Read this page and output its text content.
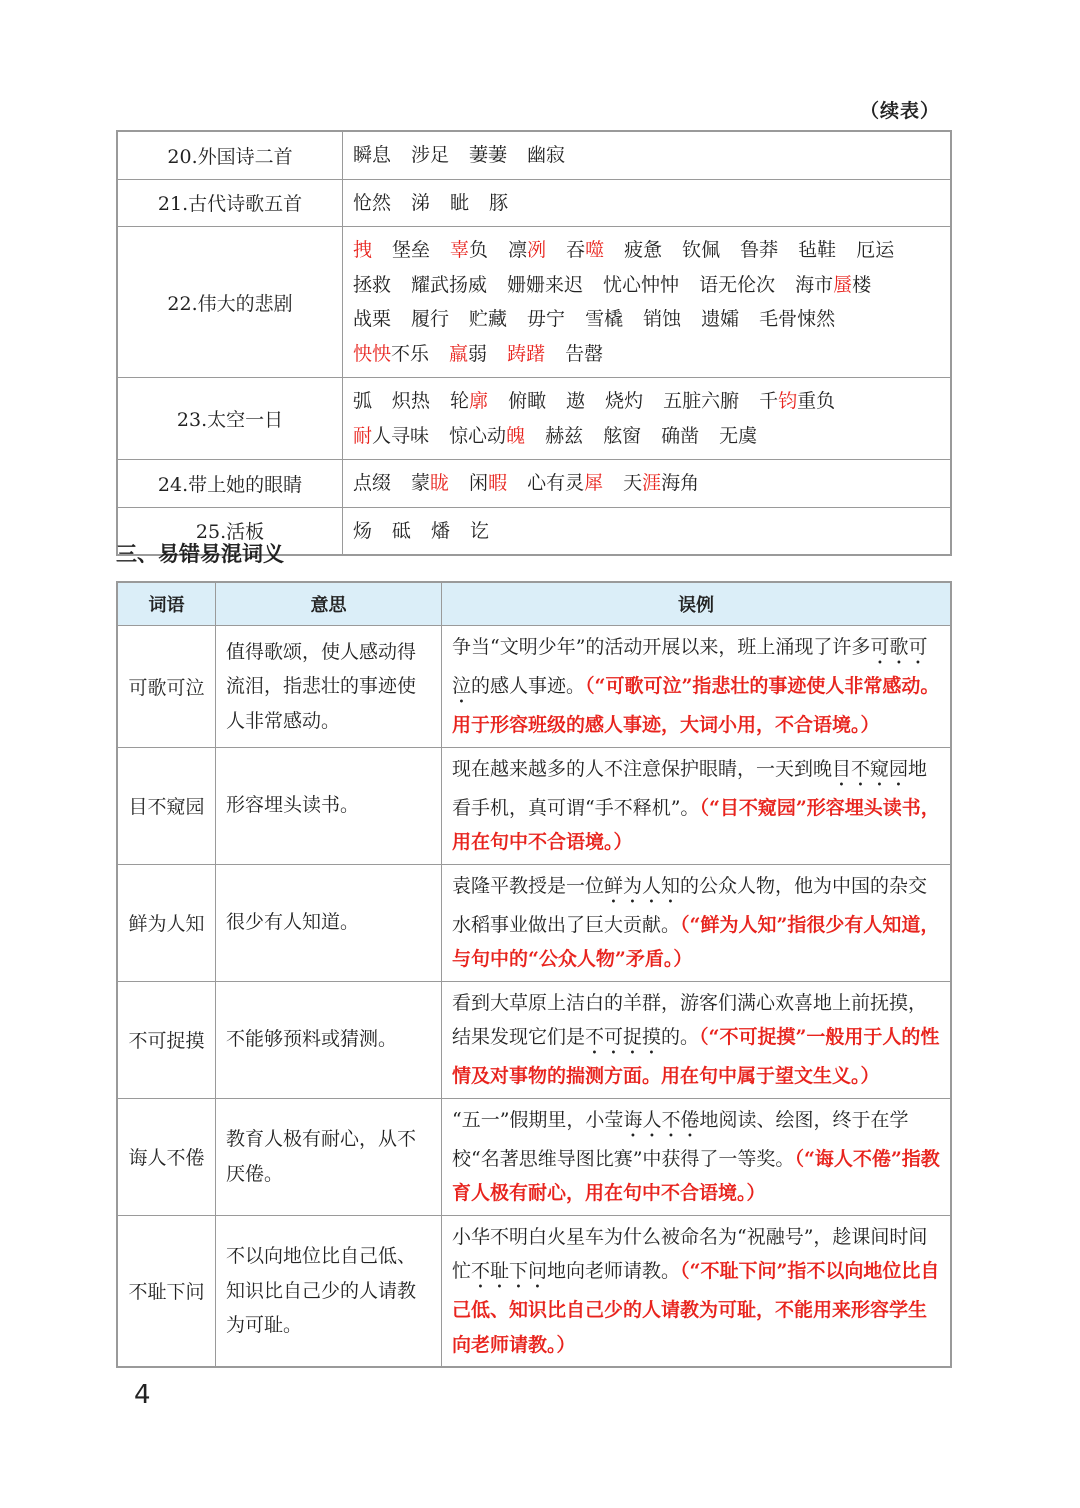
（续表）
20.外国诗二首	瞬息 涉足 萋萋 幽寂

21.古代诗歌五首	怆然 涕 眦 豚

22.伟大的悲剧	拽 堡垒 辜负 凛冽 吞噬 疲惫 钦佩 鲁莽 毡鞋 厄运
拯救 耀武扬威 姗姗来迟 忧心忡忡 语无伦次 海市蜃楼
战栗 履行 贮藏 毋宁 雪橇 销蚀 遗孀 毛骨悚然
怏怏不乐 羸弱 踌躇 告罄

23.太空一日	弧 炽热 轮廓 俯瞰 遨 烧灼 五脏六腑 千钧重负
耐人寻味 惊心动魄 赫兹 舷窗 确凿 无虞

24.带上她的眼睛	点缀 蒙眬 闲暇 心有灵犀 天涯海角

25.活板	炀 砥 燔 讫
三、易错易混词义
词语	意思	误例
可歌可泣	值得歌颂，使人感动得流泪，指悲壮的事迹使人非常感动。	争当“文明少年”的活动开展以来，班上涌现了许多可歌可泣的感人事迹。（“可歌可泣”指悲壮的事迹使人非常感动。用于形容班级的感人事迹，大词小用，不合语境。）
目不窥园	形容埋头读书。	现在越来越多的人不注意保护眼睛，一天到晚目不窥园地看手机，真可谓“手不释机”。（“目不窥园”形容埋头读书，用在句中不合语境。）
鲜为人知	很少有人知道。	袁隆平教授是一位鲜为人知的公众人物，他为中国的杂交水稻事业做出了巨大贡献。（“鲜为人知”指很少有人知道，与句中的“公众人物”矛盾。）
不可捉摸	不能够预料或猜测。	看到大草原上洁白的羊群，游客们满心欢喜地上前抚摸，结果发现它们是不可捉摸的。（“不可捉摸”一般用于人的性情及对事物的揣测方面。用在句中属于望文生义。）
诲人不倦	教育人极有耐心，从不厌倦。	“五一”假期里，小莹诲人不倦地阅读、绘图，终于在学校“名著思维导图比赛”中获得了一等奖。（“诲人不倦”指教育人极有耐心，用在句中不合语境。）
不耻下问	不以向地位比自己低、知识比自己少的人请教为可耻。	小华不明白火星车为什么被命名为“祝融号”，趁课间时间忙不耻下问地向老师请教。（“不耻下问”指不以向地位比自己低、知识比自己少的人请教为可耻，不能用来形容学生向老师请教。）
4
